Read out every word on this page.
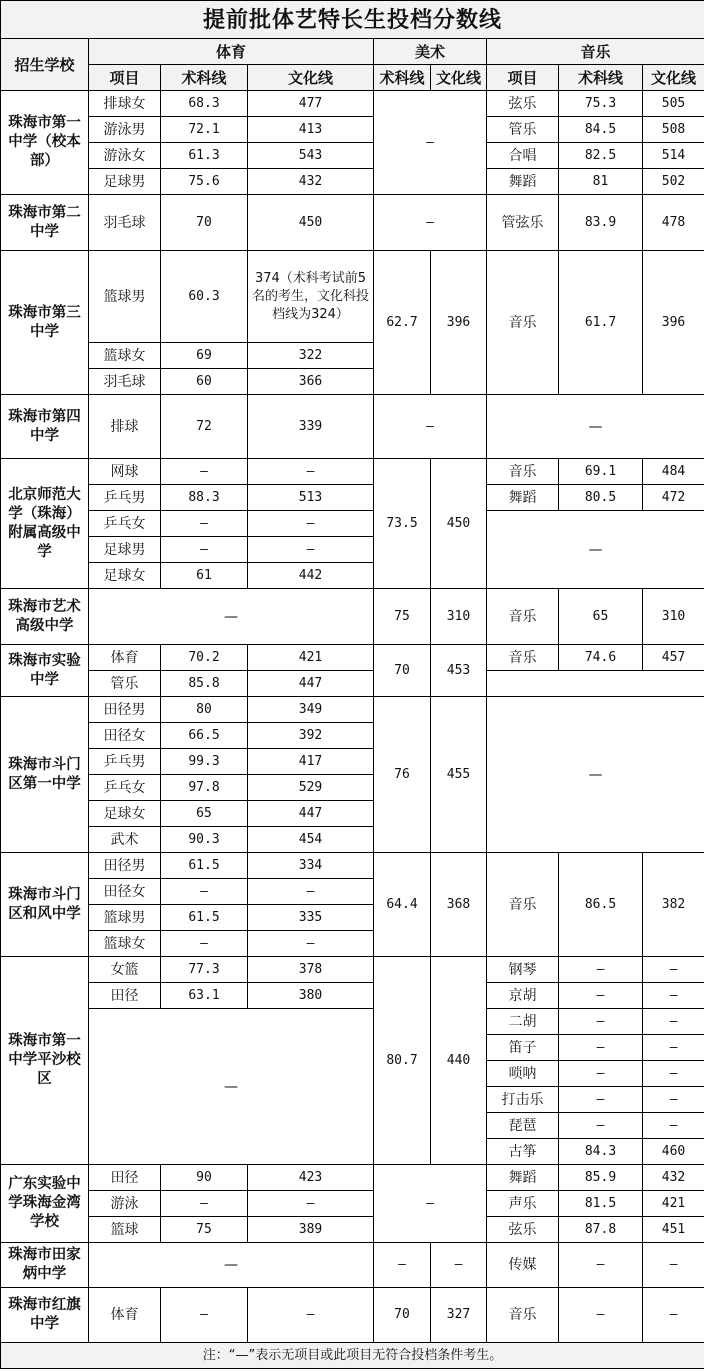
提前批体艺特长生投档分数线								
招生学校	体育			美术		音乐		
	项目	术科线	文化线	术科线	文化线	项目	术科线	文化线
珠海市第一中学（校本部）	排球女	68.3	477	—		弦乐	75.3	505
	游泳男	72.1	413			管乐	84.5	508
	游泳女	61.3	543			合唱	82.5	514
	足球男	75.6	432			舞蹈	81	502
珠海市第二中学	羽毛球	70	450	—		管弦乐	83.9	478
珠海市第三中学	篮球男	60.3	374（术科考试前5名的考生，文化科投档线为324）	62.7	396	音乐	61.7	396
	篮球女	69	322					
	羽毛球	60	366					
珠海市第四中学	排球	72	339	—		—		
北京师范大学（珠海）附属高级中学	网球	—	—	73.5	450	音乐	69.1	484
	乒乓男	88.3	513			舞蹈	80.5	472
	乒乓女	—	—			—		
	足球男	—	—					
	足球女	61	442					
珠海市艺术高级中学	—			75	310	音乐	65	310
珠海市实验中学	体育	70.2	421	70	453	音乐	74.6	457
	管乐	85.8	447					
珠海市斗门区第一中学	田径男	80	349	76	455	—		
	田径女	66.5	392					
	乒乓男	99.3	417					
	乒乓女	97.8	529					
	足球女	65	447					
	武术	90.3	454					
珠海市斗门区和风中学	田径男	61.5	334	64.4	368	音乐	86.5	382
	田径女	—	—					
	篮球男	61.5	335					
	篮球女	—	—					
珠海市第一中学平沙校区	女篮	77.3	378	80.7	440	钢琴	—	—
	田径	63.1	380			京胡	—	—
	—					二胡	—	—
						笛子	—	—
						唢呐	—	—
						打击乐	—	—
						琵琶	—	—
						古筝	84.3	460
广东实验中学珠海金湾学校	田径	90	423	—		舞蹈	85.9	432
	游泳	—	—			声乐	81.5	421
	篮球	75	389			弦乐	87.8	451
珠海市田家炳中学	—			—	—	传媒	—	—
珠海市红旗中学	体育	—	—	70	327	音乐	—	—
注：“—”表示无项目或此项目无符合投档条件考生。								
